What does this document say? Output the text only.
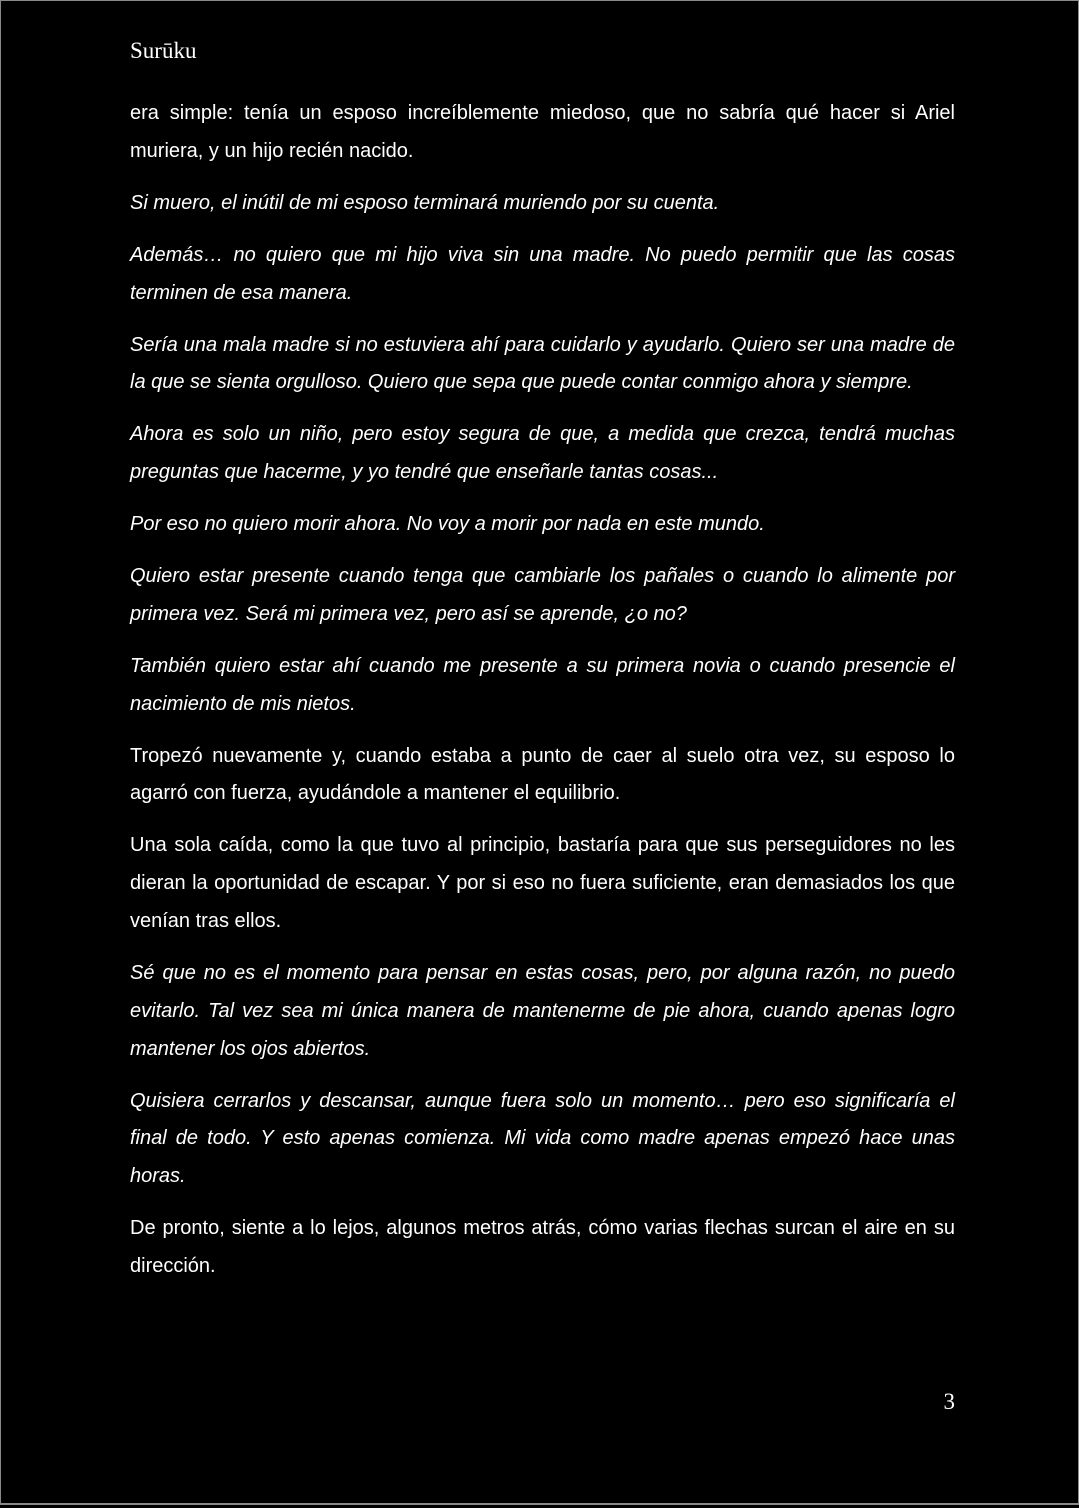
Surūku

era simple: tenía un esposo increíblemente miedoso, que no sabría qué hacer si Ariel muriera, y un hijo recién nacido.

Si muero, el inútil de mi esposo terminará muriendo por su cuenta.

Además… no quiero que mi hijo viva sin una madre. No puedo permitir que las cosas terminen de esa manera.

Sería una mala madre si no estuviera ahí para cuidarlo y ayudarlo. Quiero ser una madre de la que se sienta orgulloso. Quiero que sepa que puede contar conmigo ahora y siempre.

Ahora es solo un niño, pero estoy segura de que, a medida que crezca, tendrá muchas preguntas que hacerme, y yo tendré que enseñarle tantas cosas...

Por eso no quiero morir ahora. No voy a morir por nada en este mundo.

Quiero estar presente cuando tenga que cambiarle los pañales o cuando lo alimente por primera vez. Será mi primera vez, pero así se aprende, ¿o no?

También quiero estar ahí cuando me presente a su primera novia o cuando presencie el nacimiento de mis nietos.

Tropezó nuevamente y, cuando estaba a punto de caer al suelo otra vez, su esposo lo agarró con fuerza, ayudándole a mantener el equilibrio.

Una sola caída, como la que tuvo al principio, bastaría para que sus perseguidores no les dieran la oportunidad de escapar. Y por si eso no fuera suficiente, eran demasiados los que venían tras ellos.

Sé que no es el momento para pensar en estas cosas, pero, por alguna razón, no puedo evitarlo. Tal vez sea mi única manera de mantenerme de pie ahora, cuando apenas logro mantener los ojos abiertos.

Quisiera cerrarlos y descansar, aunque fuera solo un momento… pero eso significaría el final de todo. Y esto apenas comienza. Mi vida como madre apenas empezó hace unas horas.

De pronto, siente a lo lejos, algunos metros atrás, cómo varias flechas surcan el aire en su dirección.

3
